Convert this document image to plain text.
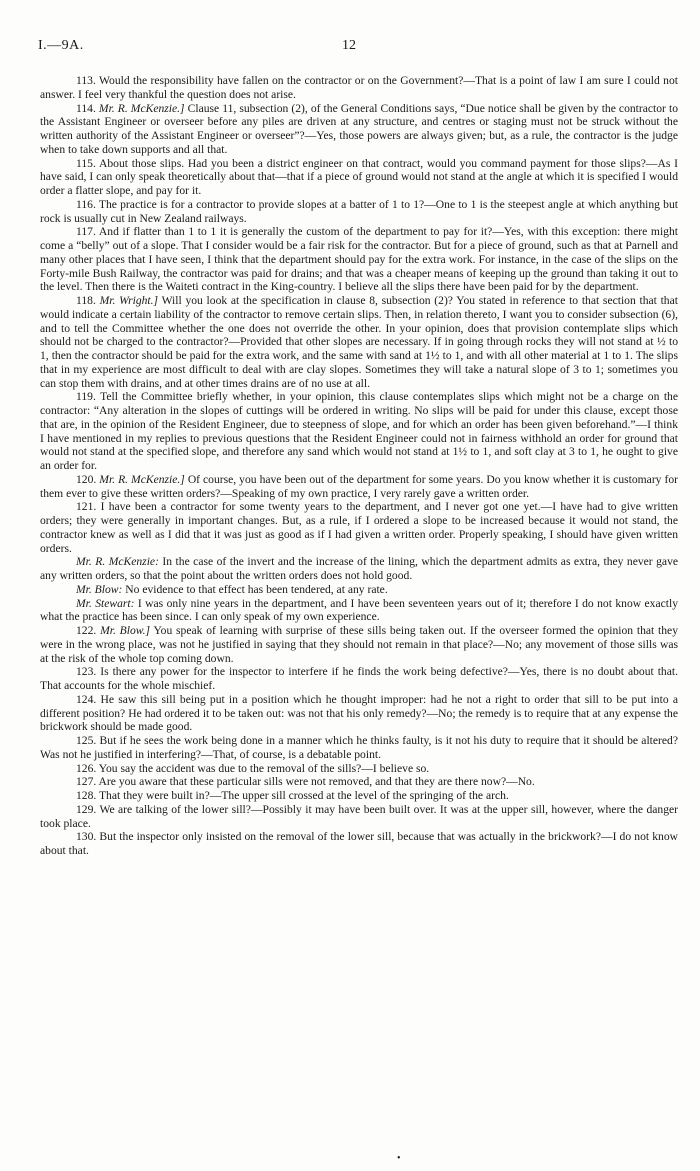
I.—9A.	12

113. Would the responsibility have fallen on the contractor or on the Government?—That is a point of law I am sure I could not answer. I feel very thankful the question does not arise.

114. Mr. R. McKenzie.] Clause 11, subsection (2), of the General Conditions says, “Due notice shall be given by the contractor to the Assistant Engineer or overseer before any piles are driven at any structure, and centres or staging must not be struck without the written authority of the Assistant Engineer or overseer”?—Yes, those powers are always given; but, as a rule, the contractor is the judge when to take down supports and all that.

115. About those slips. Had you been a district engineer on that contract, would you command payment for those slips?—As I have said, I can only speak theoretically about that—that if a piece of ground would not stand at the angle at which it is specified I would order a flatter slope, and pay for it.

116. The practice is for a contractor to provide slopes at a batter of 1 to 1?—One to 1 is the steepest angle at which anything but rock is usually cut in New Zealand railways.

117. And if flatter than 1 to 1 it is generally the custom of the department to pay for it?—Yes, with this exception: there might come a “belly” out of a slope. That I consider would be a fair risk for the contractor. But for a piece of ground, such as that at Parnell and many other places that I have seen, I think that the department should pay for the extra work. For instance, in the case of the slips on the Forty-mile Bush Railway, the contractor was paid for drains; and that was a cheaper means of keeping up the ground than taking it out to the level. Then there is the Waiteti contract in the King-country. I believe all the slips there have been paid for by the department.

118. Mr. Wright.] Will you look at the specification in clause 8, subsection (2)? You stated in reference to that section that that would indicate a certain liability of the contractor to remove certain slips. Then, in relation thereto, I want you to consider subsection (6), and to tell the Committee whether the one does not override the other. In your opinion, does that provision contemplate slips which should not be charged to the contractor?—Provided that other slopes are necessary. If in going through rocks they will not stand at ½ to 1, then the contractor should be paid for the extra work, and the same with sand at 1½ to 1, and with all other material at 1 to 1. The slips that in my experience are most difficult to deal with are clay slopes. Sometimes they will take a natural slope of 3 to 1; sometimes you can stop them with drains, and at other times drains are of no use at all.

119. Tell the Committee briefly whether, in your opinion, this clause contemplates slips which might not be a charge on the contractor: “Any alteration in the slopes of cuttings will be ordered in writing. No slips will be paid for under this clause, except those that are, in the opinion of the Resident Engineer, due to steepness of slope, and for which an order has been given beforehand.”—I think I have mentioned in my replies to previous questions that the Resident Engineer could not in fairness withhold an order for ground that would not stand at the specified slope, and therefore any sand which would not stand at 1½ to 1, and soft clay at 3 to 1, he ought to give an order for.

120. Mr. R. McKenzie.] Of course, you have been out of the department for some years. Do you know whether it is customary for them ever to give these written orders?—Speaking of my own practice, I very rarely gave a written order.

121. I have been a contractor for some twenty years to the department, and I never got one yet.—I have had to give written orders; they were generally in important changes. But, as a rule, if I ordered a slope to be increased because it would not stand, the contractor knew as well as I did that it was just as good as if I had given a written order. Properly speaking, I should have given written orders.

Mr. R. McKenzie: In the case of the invert and the increase of the lining, which the department admits as extra, they never gave any written orders, so that the point about the written orders does not hold good.

Mr. Blow: No evidence to that effect has been tendered, at any rate.

Mr. Stewart: I was only nine years in the department, and I have been seventeen years out of it; therefore I do not know exactly what the practice has been since. I can only speak of my own experience.

122. Mr. Blow.] You speak of learning with surprise of these sills being taken out. If the overseer formed the opinion that they were in the wrong place, was not he justified in saying that they should not remain in that place?—No; any movement of those sills was at the risk of the whole top coming down.

123. Is there any power for the inspector to interfere if he finds the work being defective?—Yes, there is no doubt about that. That accounts for the whole mischief.

124. He saw this sill being put in a position which he thought improper: had he not a right to order that sill to be put into a different position? He had ordered it to be taken out: was not that his only remedy?—No; the remedy is to require that at any expense the brickwork should be made good.

125. But if he sees the work being done in a manner which he thinks faulty, is it not his duty to require that it should be altered? Was not he justified in interfering?—That, of course, is a debatable point.

126. You say the accident was due to the removal of the sills?—I believe so.

127. Are you aware that these particular sills were not removed, and that they are there now?—No.

128. That they were built in?—The upper sill crossed at the level of the springing of the arch.

129. We are talking of the lower sill?—Possibly it may have been built over. It was at the upper sill, however, where the danger took place.

130. But the inspector only insisted on the removal of the lower sill, because that was actually in the brickwork?—I do not know about that.

•
